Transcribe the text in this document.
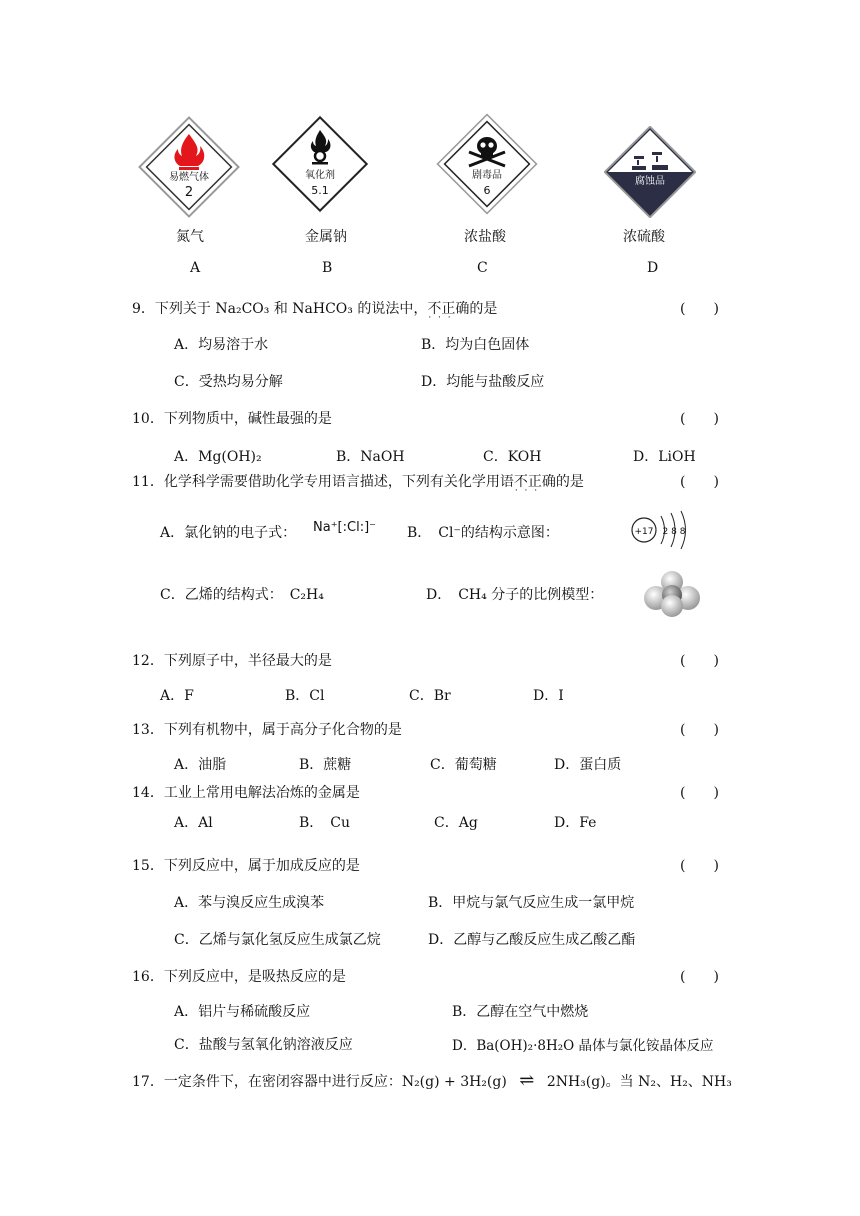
易燃气体
2
氧化剂
5.1
剧毒品
6
腐蚀品
氮气	金属钠	浓盐酸	浓硫酸
A	B	C	D
9．下列关于 Na₂CO₃ 和 NaHCO₃ 的说法中，不正确 · · ·的是	(　　)
A．均易溶于水	B．均为白色固体
C．受热均易分解	D．均能与盐酸反应
10．下列物质中，碱性最强的是	(　　)
A．Mg(OH)₂	B．NaOH	C．KOH	D．LiOH
11．化学科学需要借助化学专用语言描述，下列有关化学用语不正确 · · ·的是	(　　)
A．氯化钠的电子式： Na⁺[:Cl:]⁻ B．　Cl⁻的结构示意图：	+17 2 8 8
C．乙烯的结构式：　C₂H₄	D．　CH₄ 分子的比例模型：
12．下列原子中，半径最大的是	(　　)
A．F	B．Cl	C．Br	D．I
13．下列有机物中，属于高分子化合物的是	(　　)
A．油脂	B．蔗糖	C．葡萄糖	D．蛋白质
14．工业上常用电解法冶炼的金属是	(　　)
A．Al	B．　Cu	C．Ag	D．Fe
15．下列反应中，属于加成反应的是	(　　)
A．苯与溴反应生成溴苯	B．甲烷与氯气反应生成一氯甲烷
C．乙烯与氯化氢反应生成氯乙烷	D．乙醇与乙酸反应生成乙酸乙酯
16．下列反应中，是吸热反应的是	(　　)
A．铝片与稀硫酸反应	B．乙醇在空气中燃烧
C．盐酸与氢氧化钠溶液反应	D．Ba(OH)₂·8H₂O 晶体与氯化铵晶体反应
17．一定条件下，在密闭容器中进行反应：N₂(g) + 3H₂(g) ⇌ 2NH₃(g)。当 N₂、H₂、NH₃
